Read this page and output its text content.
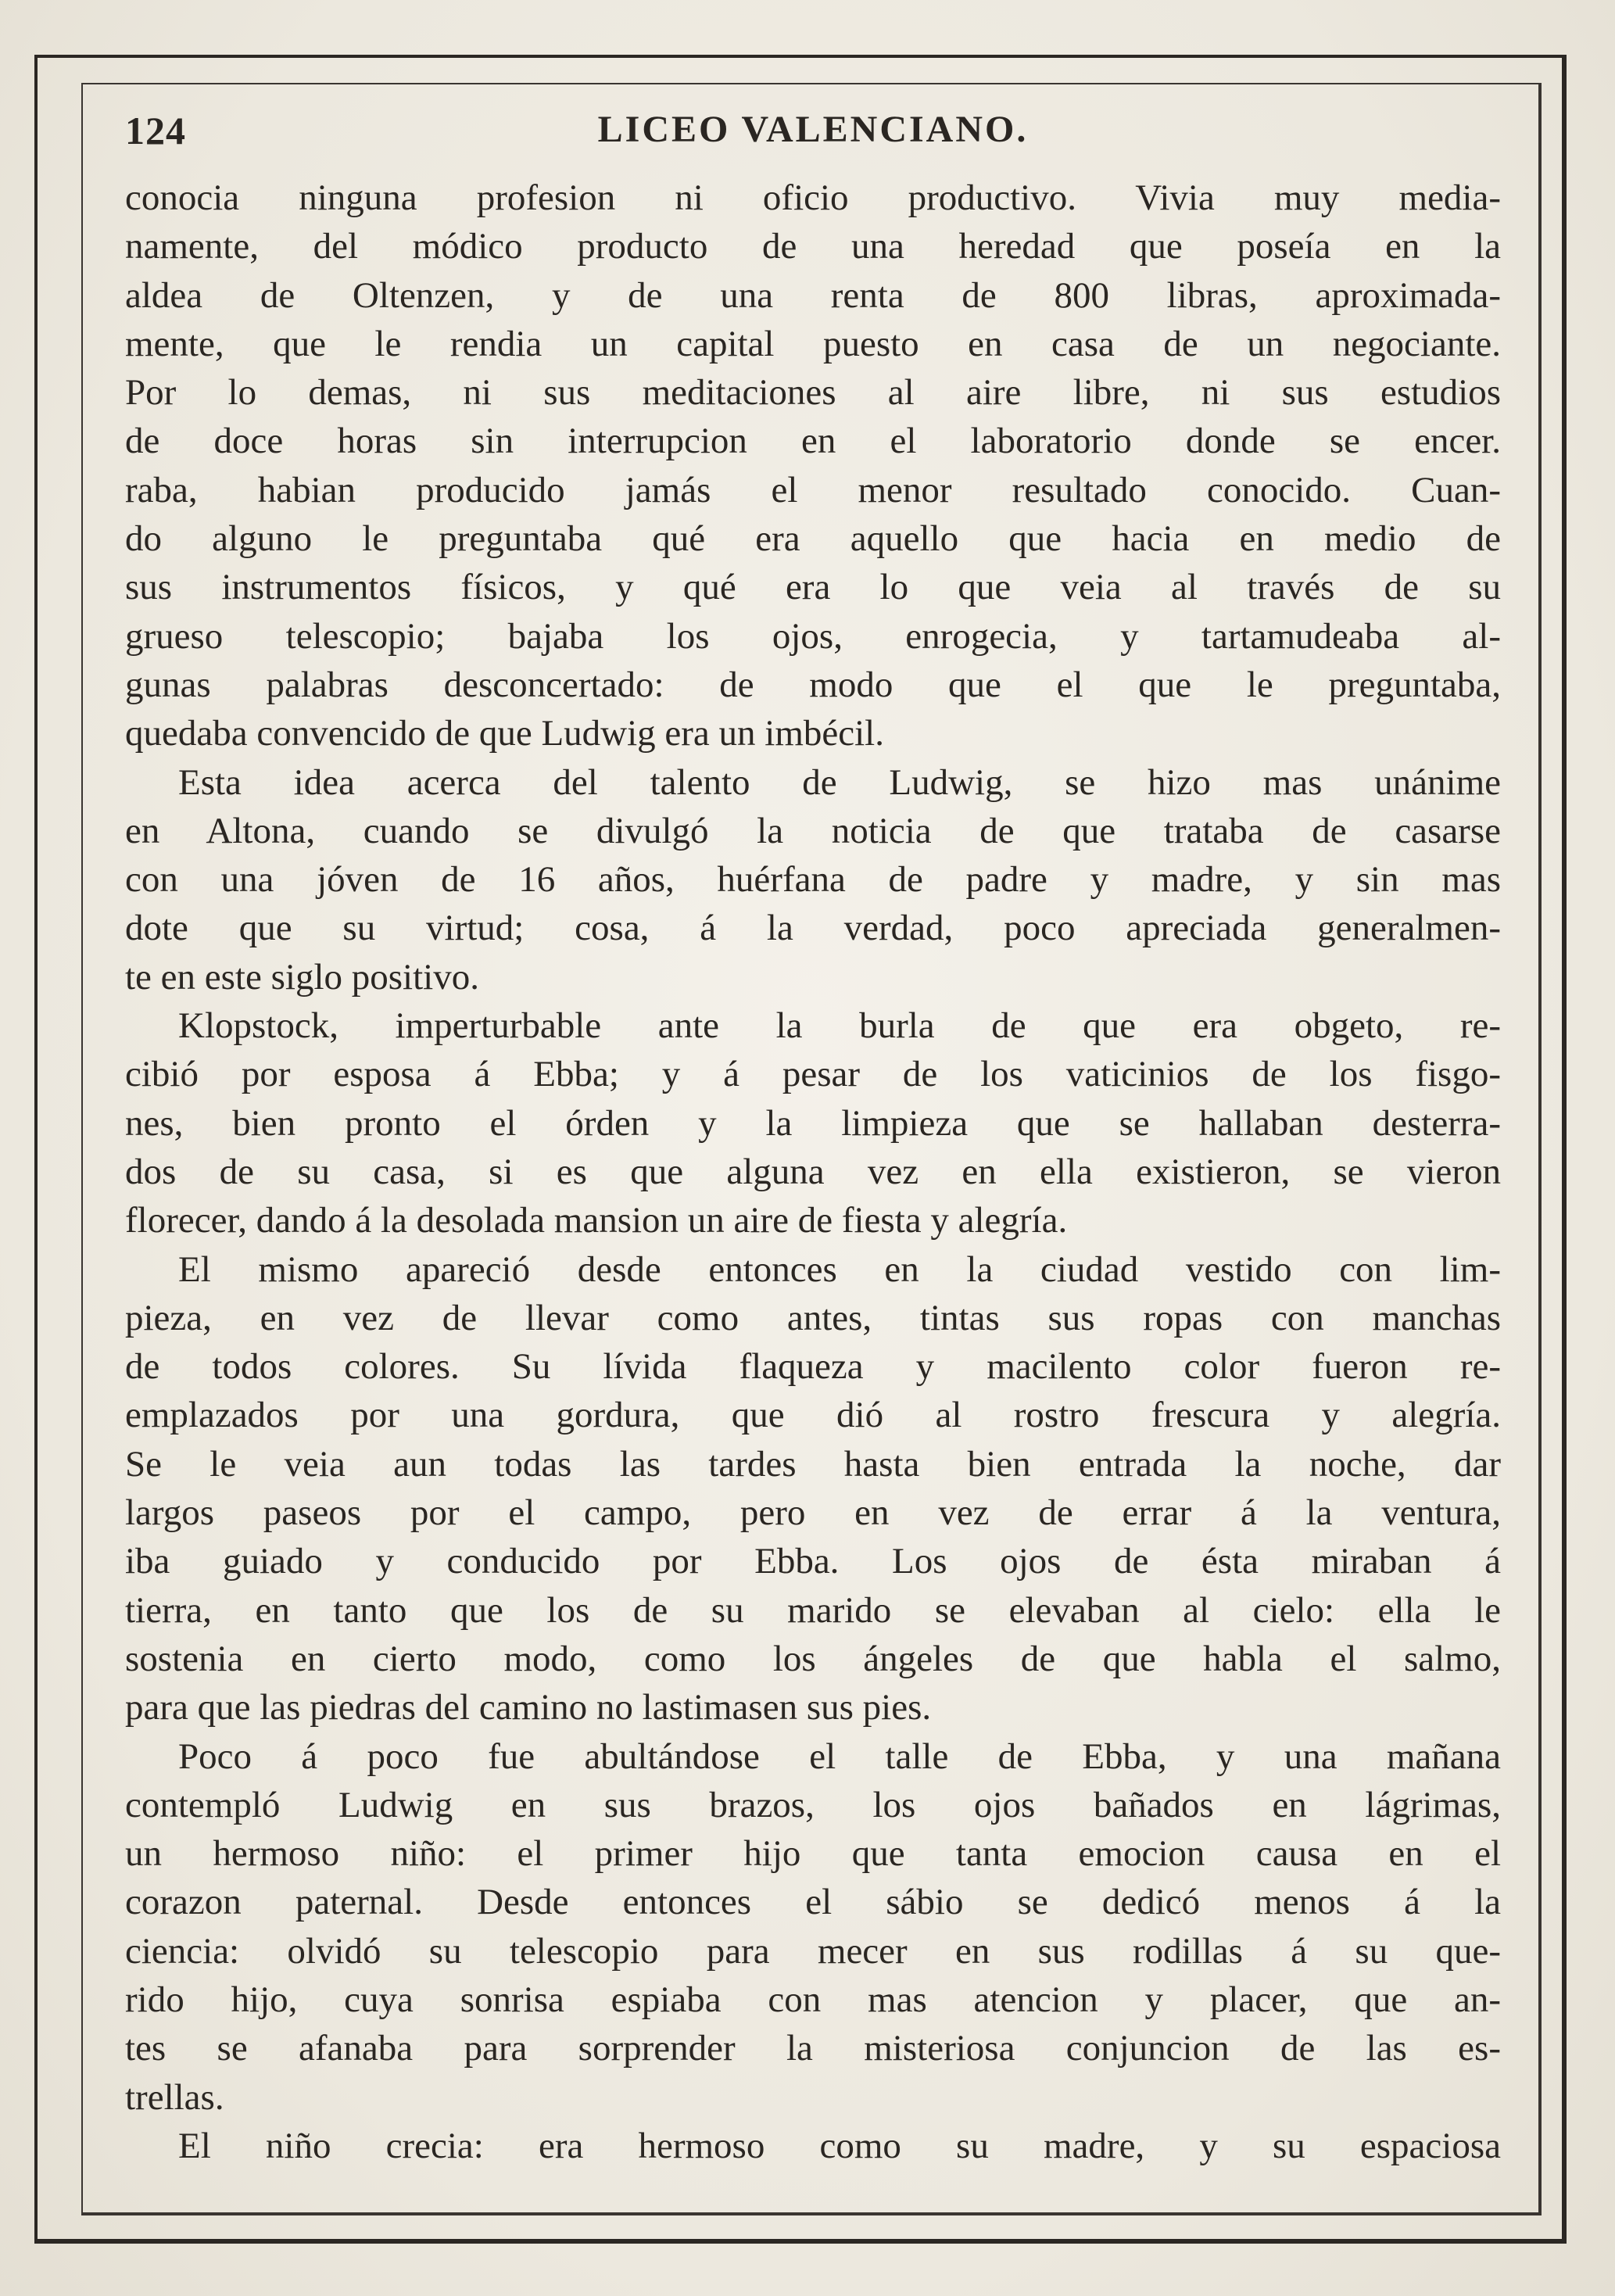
124	LICEO VALENCIANO.
conocia ninguna profesion ni oficio productivo. Vivia muy media-
namente, del módico producto de una heredad que poseía en la
aldea de Oltenzen, y de una renta de 800 libras, aproximada-
mente, que le rendia un capital puesto en casa de un negociante.
Por lo demas, ni sus meditaciones al aire libre, ni sus estudios
de doce horas sin interrupcion en el laboratorio donde se encer.
raba, habian producido jamás el menor resultado conocido. Cuan-
do alguno le preguntaba qué era aquello que hacia en medio de
sus instrumentos físicos, y qué era lo que veia al través de su
grueso telescopio; bajaba los ojos, enrogecia, y tartamudeaba al-
gunas palabras desconcertado: de modo que el que le preguntaba,
quedaba convencido de que Ludwig era un imbécil.
Esta idea acerca del talento de Ludwig, se hizo mas unánime
en Altona, cuando se divulgó la noticia de que trataba de casarse
con una jóven de 16 años, huérfana de padre y madre, y sin mas
dote que su virtud; cosa, á la verdad, poco apreciada generalmen-
te en este siglo positivo.
Klopstock, imperturbable ante la burla de que era obgeto, re-
cibió por esposa á Ebba; y á pesar de los vaticinios de los fisgo-
nes, bien pronto el órden y la limpieza que se hallaban desterra-
dos de su casa, si es que alguna vez en ella existieron, se vieron
florecer, dando á la desolada mansion un aire de fiesta y alegría.
El mismo apareció desde entonces en la ciudad vestido con lim-
pieza, en vez de llevar como antes, tintas sus ropas con manchas
de todos colores. Su lívida flaqueza y macilento color fueron re-
emplazados por una gordura, que dió al rostro frescura y alegría.
Se le veia aun todas las tardes hasta bien entrada la noche, dar
largos paseos por el campo, pero en vez de errar á la ventura,
iba guiado y conducido por Ebba. Los ojos de ésta miraban á
tierra, en tanto que los de su marido se elevaban al cielo: ella le
sostenia en cierto modo, como los ángeles de que habla el salmo,
para que las piedras del camino no lastimasen sus pies.
Poco á poco fue abultándose el talle de Ebba, y una mañana
contempló Ludwig en sus brazos, los ojos bañados en lágrimas,
un hermoso niño: el primer hijo que tanta emocion causa en el
corazon paternal. Desde entonces el sábio se dedicó menos á la
ciencia: olvidó su telescopio para mecer en sus rodillas á su que-
rido hijo, cuya sonrisa espiaba con mas atencion y placer, que an-
tes se afanaba para sorprender la misteriosa conjuncion de las es-
trellas.
El niño crecia: era hermoso como su madre, y su espaciosa
